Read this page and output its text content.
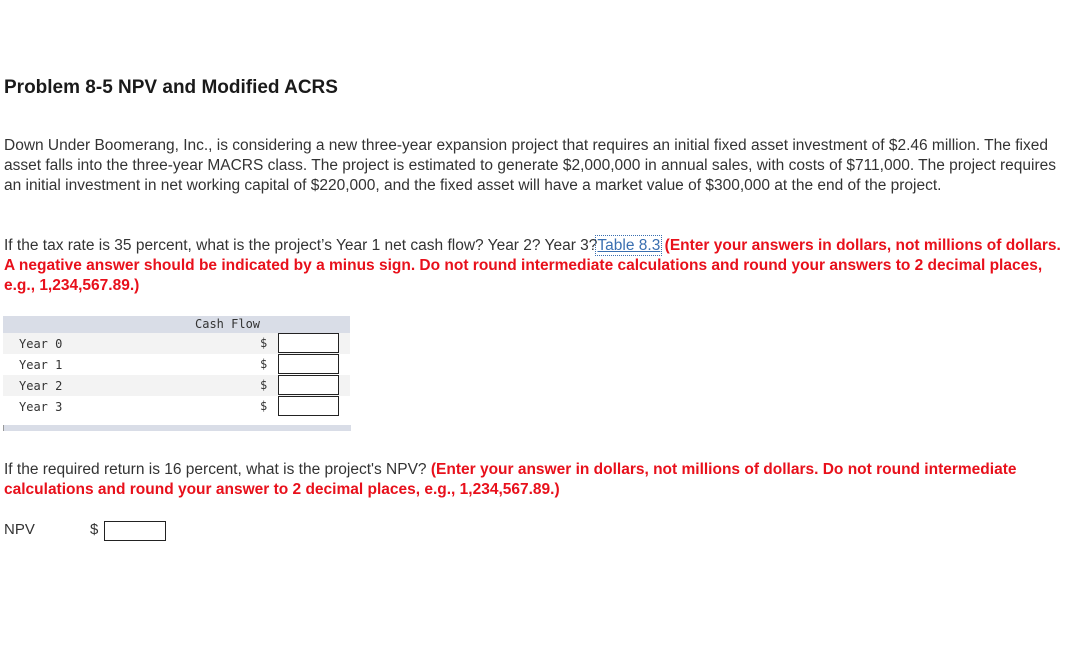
Problem 8-5 NPV and Modified ACRS

Down Under Boomerang, Inc., is considering a new three-year expansion project that requires an initial fixed asset investment of $2.46 million. The fixed asset falls into the three-year MACRS class. The project is estimated to generate $2,000,000 in annual sales, with costs of $711,000. The project requires an initial investment in net working capital of $220,000, and the fixed asset will have a market value of $300,000 at the end of the project.

If the tax rate is 35 percent, what is the project’s Year 1 net cash flow? Year 2? Year 3?Table 8.3 (Enter your answers in dollars, not millions of dollars. A negative answer should be indicated by a minus sign. Do not round intermediate calculations and round your answers to 2 decimal places, e.g., 1,234,567.89.)

Cash Flow
Year 0	$
Year 1	$
Year 2	$
Year 3	$

If the required return is 16 percent, what is the project's NPV? (Enter your answer in dollars, not millions of dollars. Do not round intermediate calculations and round your answer to 2 decimal places, e.g., 1,234,567.89.)

NPV	$
